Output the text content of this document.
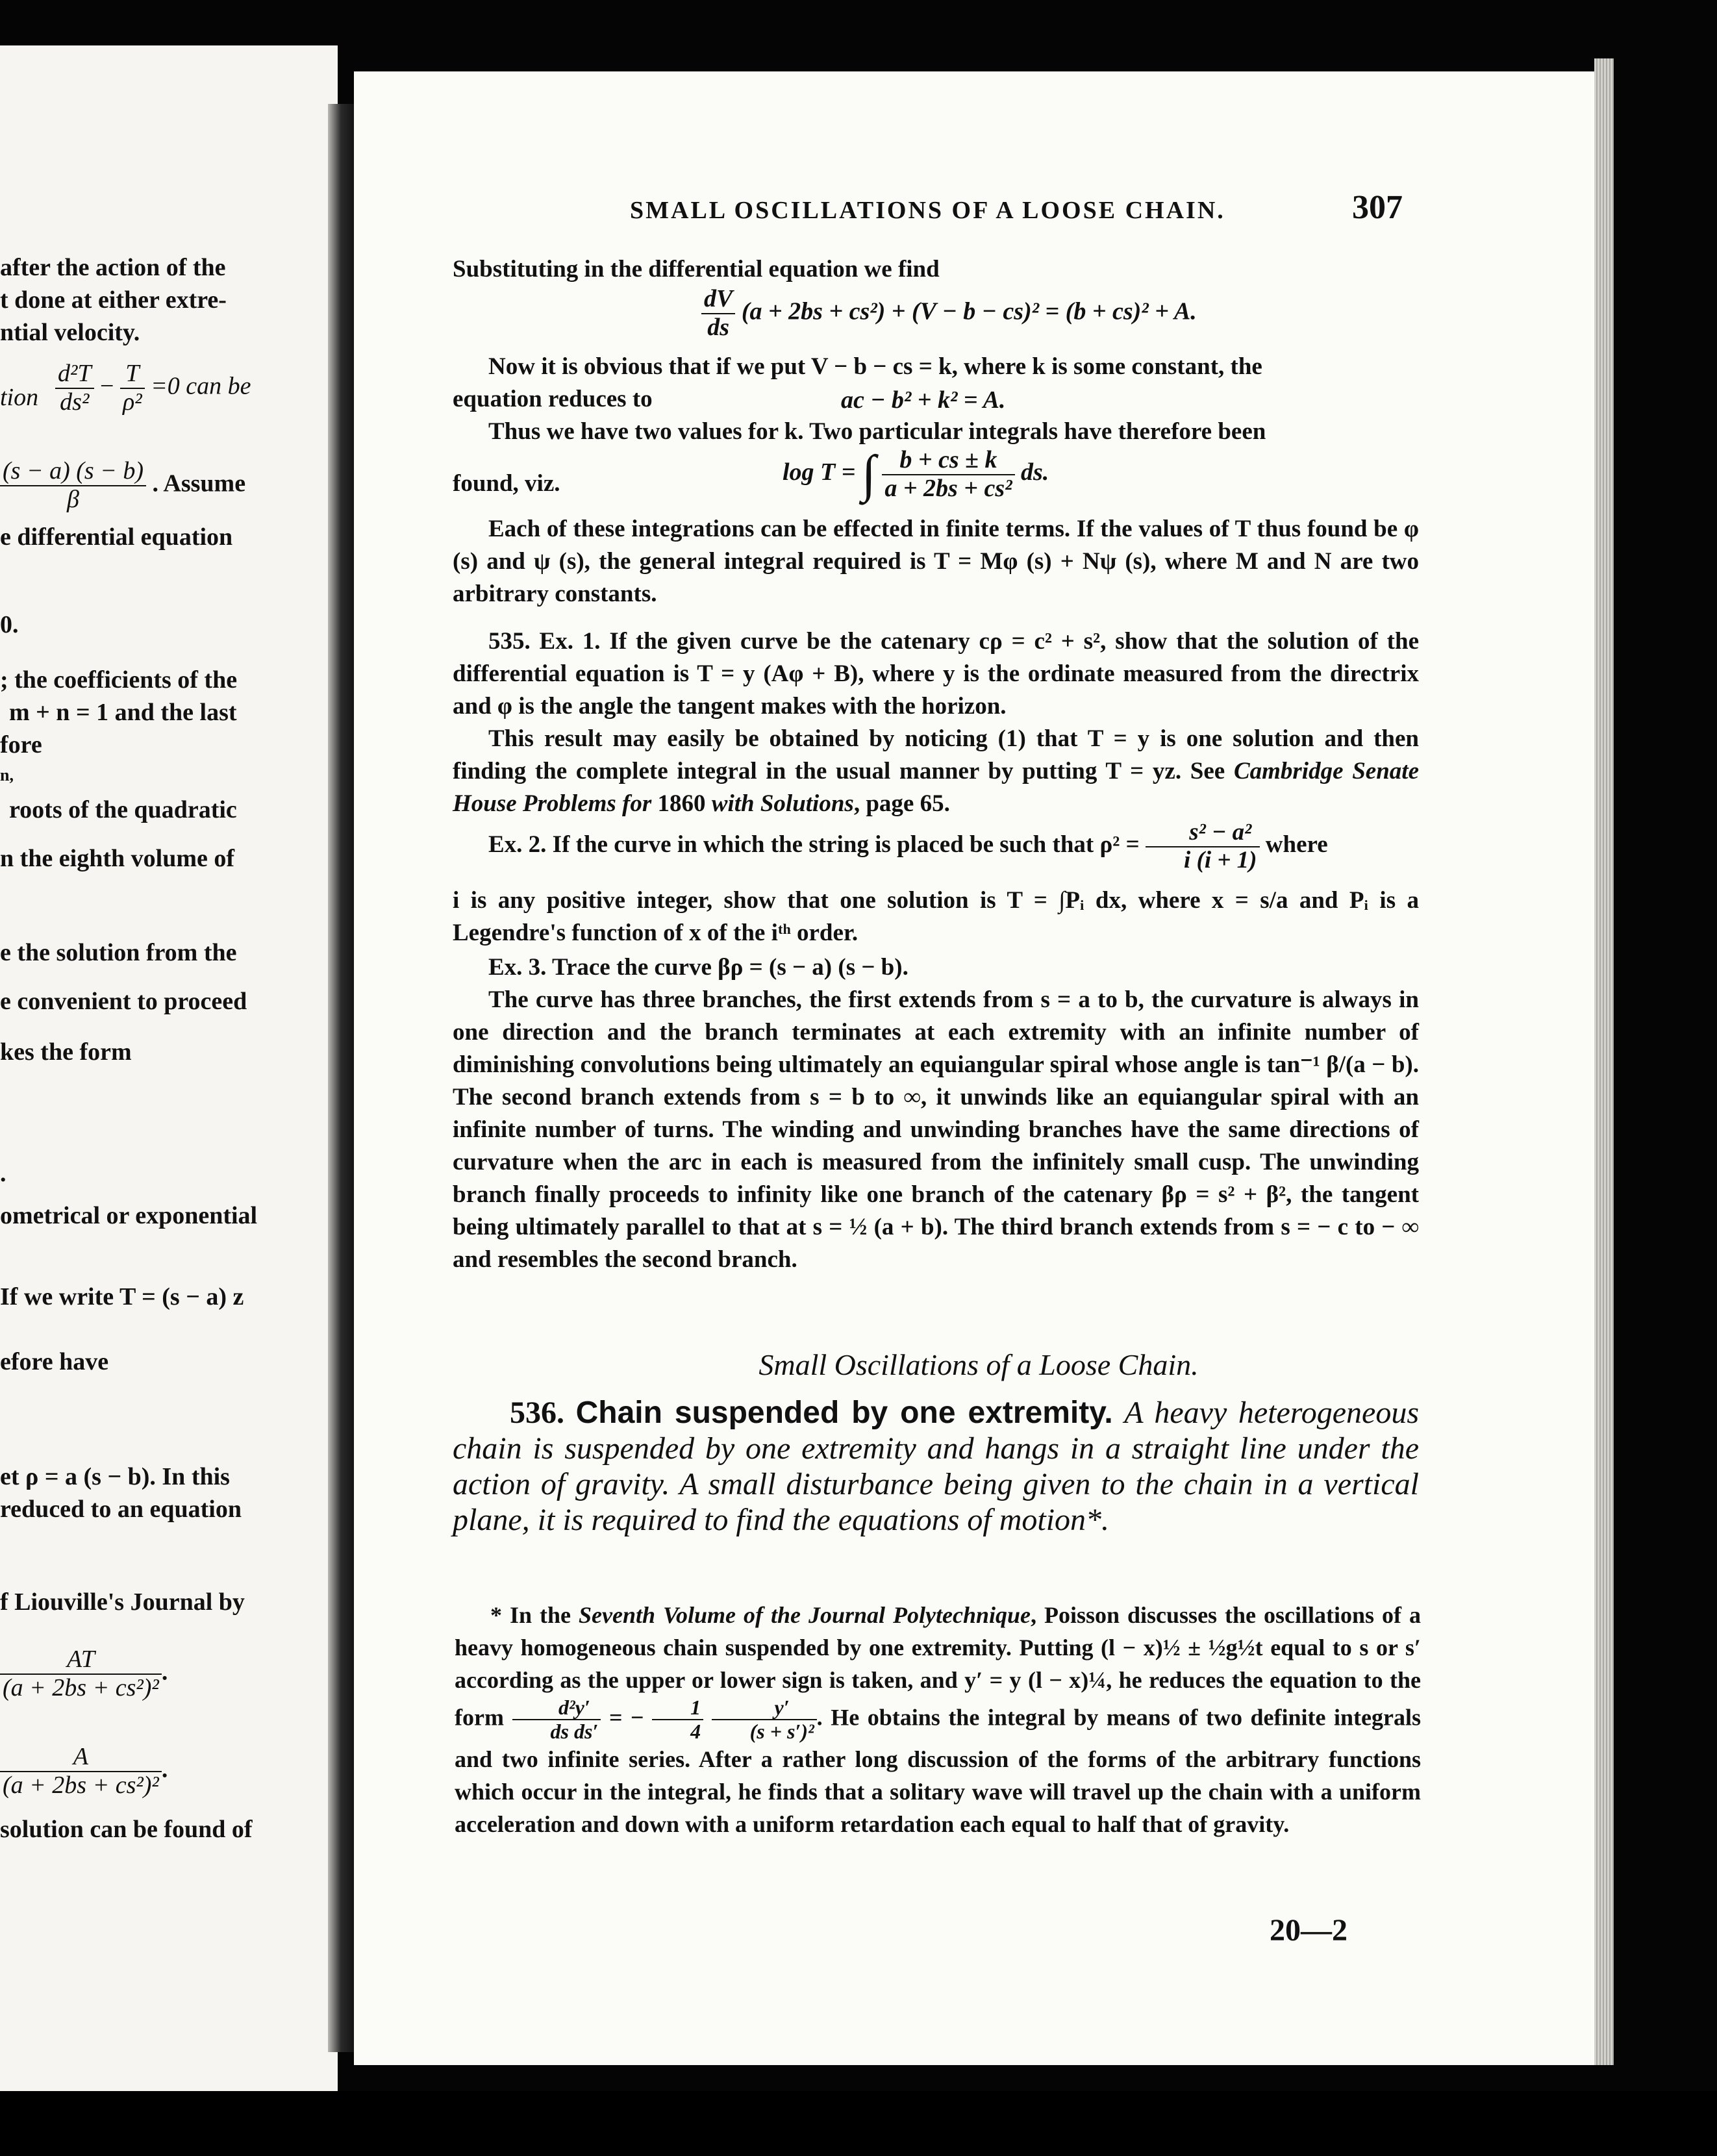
after the action of the
t done at either extre-
ntial velocity.
tion $\frac{\text{d²T}}{\text{ds²}} - \frac{T}{\text{ρ²}} =0$ can be
$\frac{(s - a) (s - b)}{\beta}$ . Assume
e differential equation
0.
; the coefficients of the
m + n = 1 and the last
fore
n,
roots of the quadratic
n the eighth volume of
e the solution from the
e convenient to proceed
kes the form
.
ometrical or exponential
If we write T = (s − a) z
efore have
et ρ = a (s − b). In this
reduced to an equation
f Liouville's Journal by
$\frac{AT}{\text{(a + 2bs + cs²)²}}$ .
$\frac{A}{\text{(a + 2bs + cs²)²}}$ .
solution can be found of
SMALL OSCILLATIONS OF A LOOSE CHAIN.	307

Substituting in the differential equation we find

$\frac{dV}{ds} (a + 2bs + cs^2) + (V - b - cs)^2 = (b + cs)^2 + A$.

Now it is obvious that if we put V − b − cs = k, where k is some constant, the

equation reduces to	ac − b² + k² = A.

Thus we have two values for k. Two particular integrals have therefore been

found, viz.	log T = ∫ $\frac{b + cs \pm k}{\text{a + 2bs + cs²}}$ ds.

Each of these integrations can be effected in finite terms. If the values of T thus found be φ (s) and ψ (s), the general integral required is T = Mφ (s) + Nψ (s), where M and N are two arbitrary constants.

535. Ex. 1. If the given curve be the catenary cρ = c² + s², show that the solution of the differential equation is T = y (Aφ + B), where y is the ordinate measured from the directrix and φ is the angle the tangent makes with the horizon.

This result may easily be obtained by noticing (1) that T = y is one solution and then finding the complete integral in the usual manner by putting T = yz. See Cambridge Senate House Problems for 1860 with Solutions, page 65.

Ex. 2. If the curve in which the string is placed be such that $\rho^2 = \frac{\text{s² − a²}}{i (i + 1)}$ where

i is any positive integer, show that one solution is T = ∫Pᵢ dx, where x = s/a and Pᵢ is a Legendre's function of x of the iᵗʰ order.

Ex. 3. Trace the curve βρ = (s − a) (s − b).

The curve has three branches, the first extends from s = a to b, the curvature is always in one direction and the branch terminates at each extremity with an infinite number of diminishing convolutions being ultimately an equiangular spiral whose angle is tan⁻¹ β/(a − b). The second branch extends from s = b to ∞, it unwinds like an equiangular spiral with an infinite number of turns. The winding and unwinding branches have the same directions of curvature when the arc in each is measured from the infinitely small cusp. The unwinding branch finally proceeds to infinity like one branch of the catenary βρ = s² + β², the tangent being ultimately parallel to that at s = ½ (a + b). The third branch extends from s = − c to − ∞ and resembles the second branch.

Small Oscillations of a Loose Chain.

536. Chain suspended by one extremity. A heavy heterogeneous chain is suspended by one extremity and hangs in a straight line under the action of gravity. A small disturbance being given to the chain in a vertical plane, it is required to find the equations of motion*.

* In the Seventh Volume of the Journal Polytechnique, Poisson discusses the oscillations of a heavy homogeneous chain suspended by one extremity. Putting (l − x)½ ± ½g½t equal to s or s′ according as the upper or lower sign is taken, and y′ = y (l − x)¼, he reduces the equation to the form $\frac{\text{d²y′}}{\text{ds ds′}}$ = − $\frac{1}{4}$
$\frac{y'}{\text{(s + s′)²}}$ . He obtains the integral by means of two definite integrals and two infinite series. After a rather long discussion of the forms of the arbitrary functions which occur in the integral, he finds that a solitary wave will travel up the chain with a uniform acceleration and down with a uniform retardation each equal to half that of gravity.

20—2
